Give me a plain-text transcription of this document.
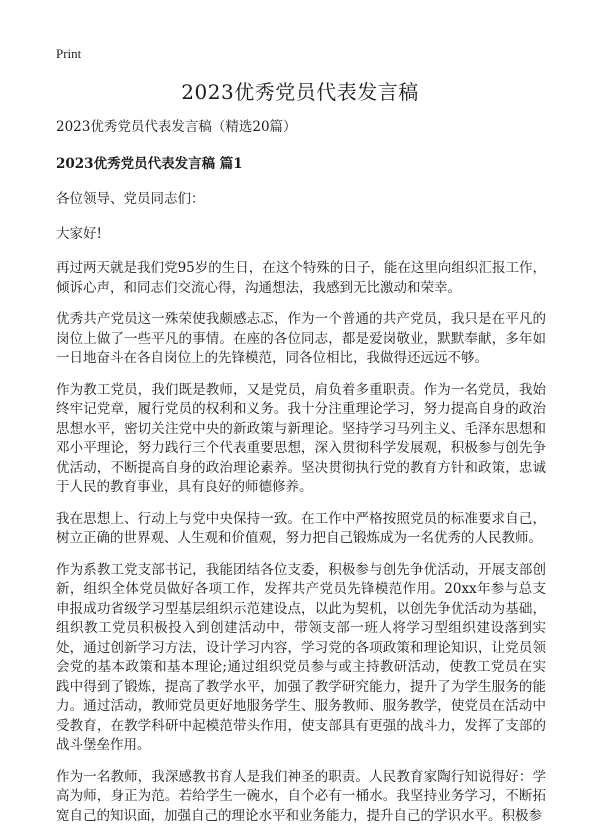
Print
2023优秀党员代表发言稿

2023优秀党员代表发言稿（精选20篇）

2023优秀党员代表发言稿 篇1

各位领导、党员同志们：

大家好!

再过两天就是我们党95岁的生日，在这个特殊的日子，能在这里向组织汇报工作，倾诉心声，和同志们交流心得，沟通想法，我感到无比激动和荣幸。

优秀共产党员这一殊荣使我颇感忐忑，作为一个普通的共产党员，我只是在平凡的岗位上做了一些平凡的事情。在座的各位同志，都是爱岗敬业，默默奉献，多年如一日地奋斗在各自岗位上的先锋模范，同各位相比，我做得还远远不够。

作为教工党员，我们既是教师，又是党员，肩负着多重职责。作为一名党员，我始终牢记党章，履行党员的权利和义务。我十分注重理论学习，努力提高自身的政治思想水平，密切关注党中央的新政策与新理论。坚持学习马列主义、毛泽东思想和邓小平理论，努力践行三个代表重要思想，深入贯彻科学发展观，积极参与创先争优活动，不断提高自身的政治理论素养。坚决贯彻执行党的教育方针和政策，忠诚于人民的教育事业，具有良好的师德修养。

我在思想上、行动上与党中央保持一致。在工作中严格按照党员的标准要求自己，树立正确的世界观、人生观和价值观，努力把自己锻炼成为一名优秀的人民教师。

作为系教工党支部书记，我能团结各位支委，积极参与创先争优活动，开展支部创新，组织全体党员做好各项工作，发挥共产党员先锋模范作用。20xx年参与总支申报成功省级学习型基层组织示范建设点，以此为契机，以创先争优活动为基础，组织教工党员积极投入到创建活动中，带领支部一班人将学习型组织建设落到实处，通过创新学习方法，设计学习内容，学习党的各项政策和理论知识，让党员领会党的基本政策和基本理论;通过组织党员参与或主持教研活动，使教工党员在实践中得到了锻炼，提高了教学水平，加强了教学研究能力，提升了为学生服务的能力。通过活动，教师党员更好地服务学生、服务教师、服务教学，使党员在活动中受教育，在教学科研中起模范带头作用，使支部具有更强的战斗力，发挥了支部的战斗堡垒作用。

作为一名教师，我深感教书育人是我们神圣的职责。人民教育家陶行知说得好：学高为师，身正为范。若给学生一碗水，自个必有一桶水。我坚持业务学习，不断拓宽自己的知识面，加强自己的理论水平和业务能力，提升自己的学识水平。积极参
